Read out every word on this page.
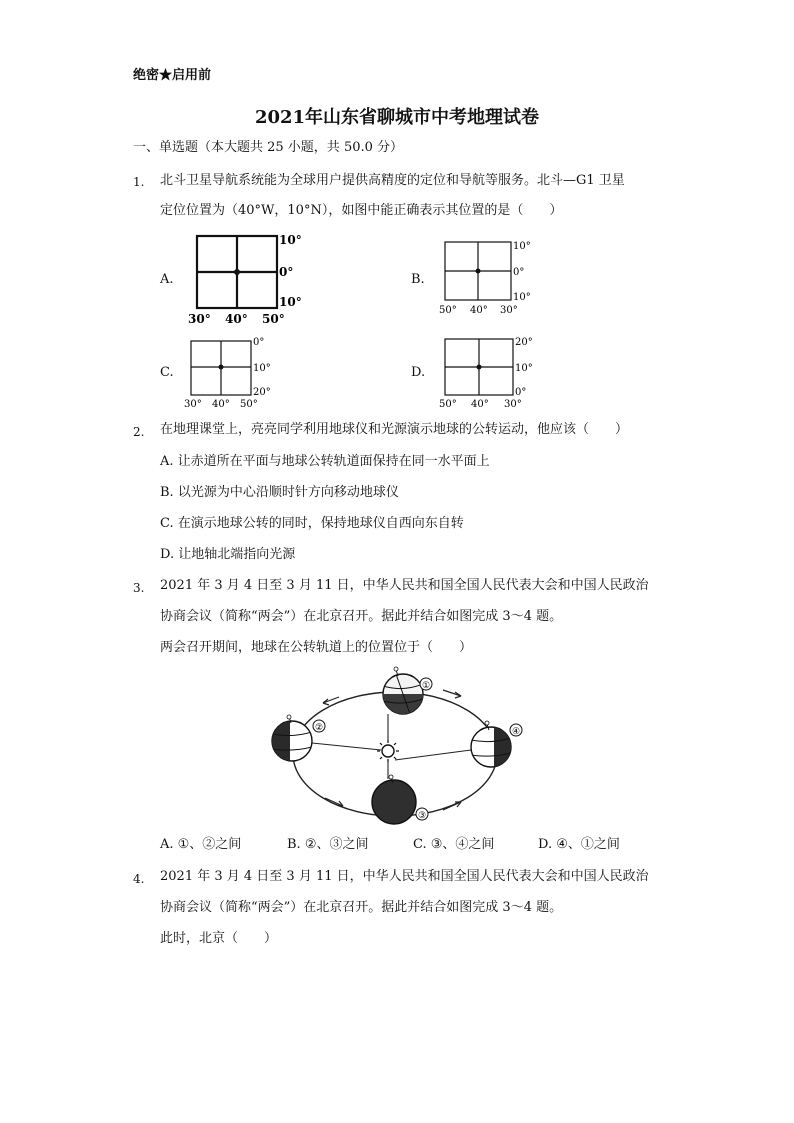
绝密★启用前
2021年山东省聊城市中考地理试卷
一、单选题（本大题共 25 小题，共 50.0 分）
1. 北斗卫星导航系统能为全球用户提供高精度的定位和导航等服务。北斗—G1 卫星
定位位置为（40°W，10°N），如图中能正确表示其位置的是（　　）
A.
10°
0°
10°
30° 40° 50°
B.
10°
0°
10°
50° 40° 30°
C.
0°
10°
20°
30° 40° 50°
D.
20°
10°
0°
50° 40° 30°
2. 在地理课堂上，亮亮同学利用地球仪和光源演示地球的公转运动，他应该（　　）
A. 让赤道所在平面与地球公转轨道面保持在同一水平面上
B. 以光源为中心沿顺时针方向移动地球仪
C. 在演示地球公转的同时，保持地球仪自西向东自转
D. 让地轴北端指向光源
3. 2021 年 3 月 4 日至 3 月 11 日，中华人民共和国全国人民代表大会和中国人民政治
协商会议（简称“两会”）在北京召开。据此并结合如图完成 3～4 题。
两会召开期间，地球在公转轨道上的位置位于（　　）
①
②
③
④
A. ①、②之间	B. ②、③之间	C. ③、④之间	D. ④、①之间
4. 2021 年 3 月 4 日至 3 月 11 日，中华人民共和国全国人民代表大会和中国人民政治
协商会议（简称“两会”）在北京召开。据此并结合如图完成 3～4 题。
此时，北京（　　）
